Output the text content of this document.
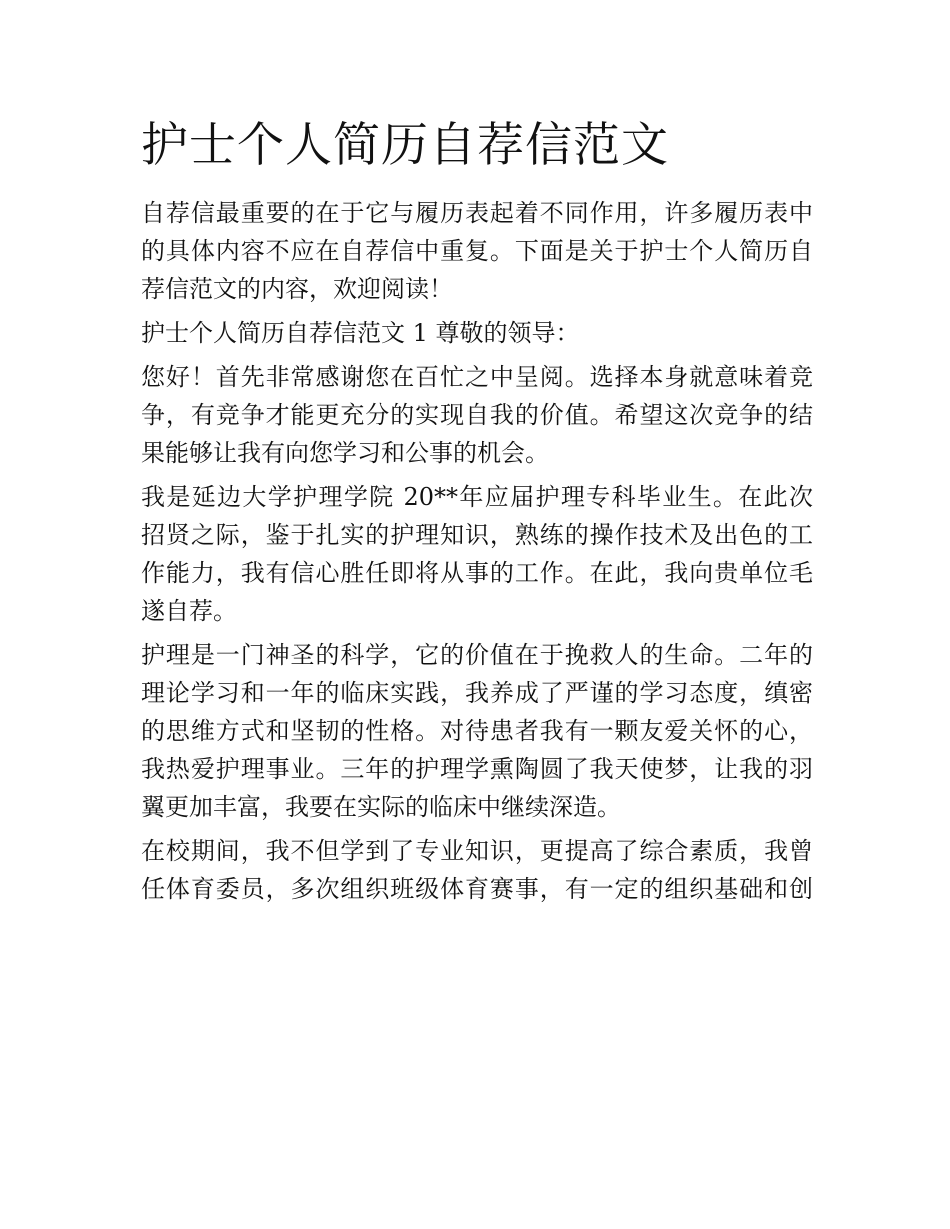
护士个人简历自荐信范文

自荐信最重要的在于它与履历表起着不同作用，许多履历表中
的具体内容不应在自荐信中重复。下面是关于护士个人简历自
荐信范文的内容，欢迎阅读！

护士个人简历自荐信范文 1 尊敬的领导：

您好！首先非常感谢您在百忙之中呈阅。选择本身就意味着竞
争，有竞争才能更充分的实现自我的价值。希望这次竞争的结
果能够让我有向您学习和公事的机会。

我是延边大学护理学院 20**年应届护理专科毕业生。在此次
招贤之际，鉴于扎实的护理知识，熟练的操作技术及出色的工
作能力，我有信心胜任即将从事的工作。在此，我向贵单位毛
遂自荐。

护理是一门神圣的科学，它的价值在于挽救人的生命。二年的
理论学习和一年的临床实践，我养成了严谨的学习态度，缜密
的思维方式和坚韧的性格。对待患者我有一颗友爱关怀的心，
我热爱护理事业。三年的护理学熏陶圆了我天使梦，让我的羽
翼更加丰富，我要在实际的临床中继续深造。

在校期间，我不但学到了专业知识，更提高了综合素质，我曾
任体育委员，多次组织班级体育赛事，有一定的组织基础和创
